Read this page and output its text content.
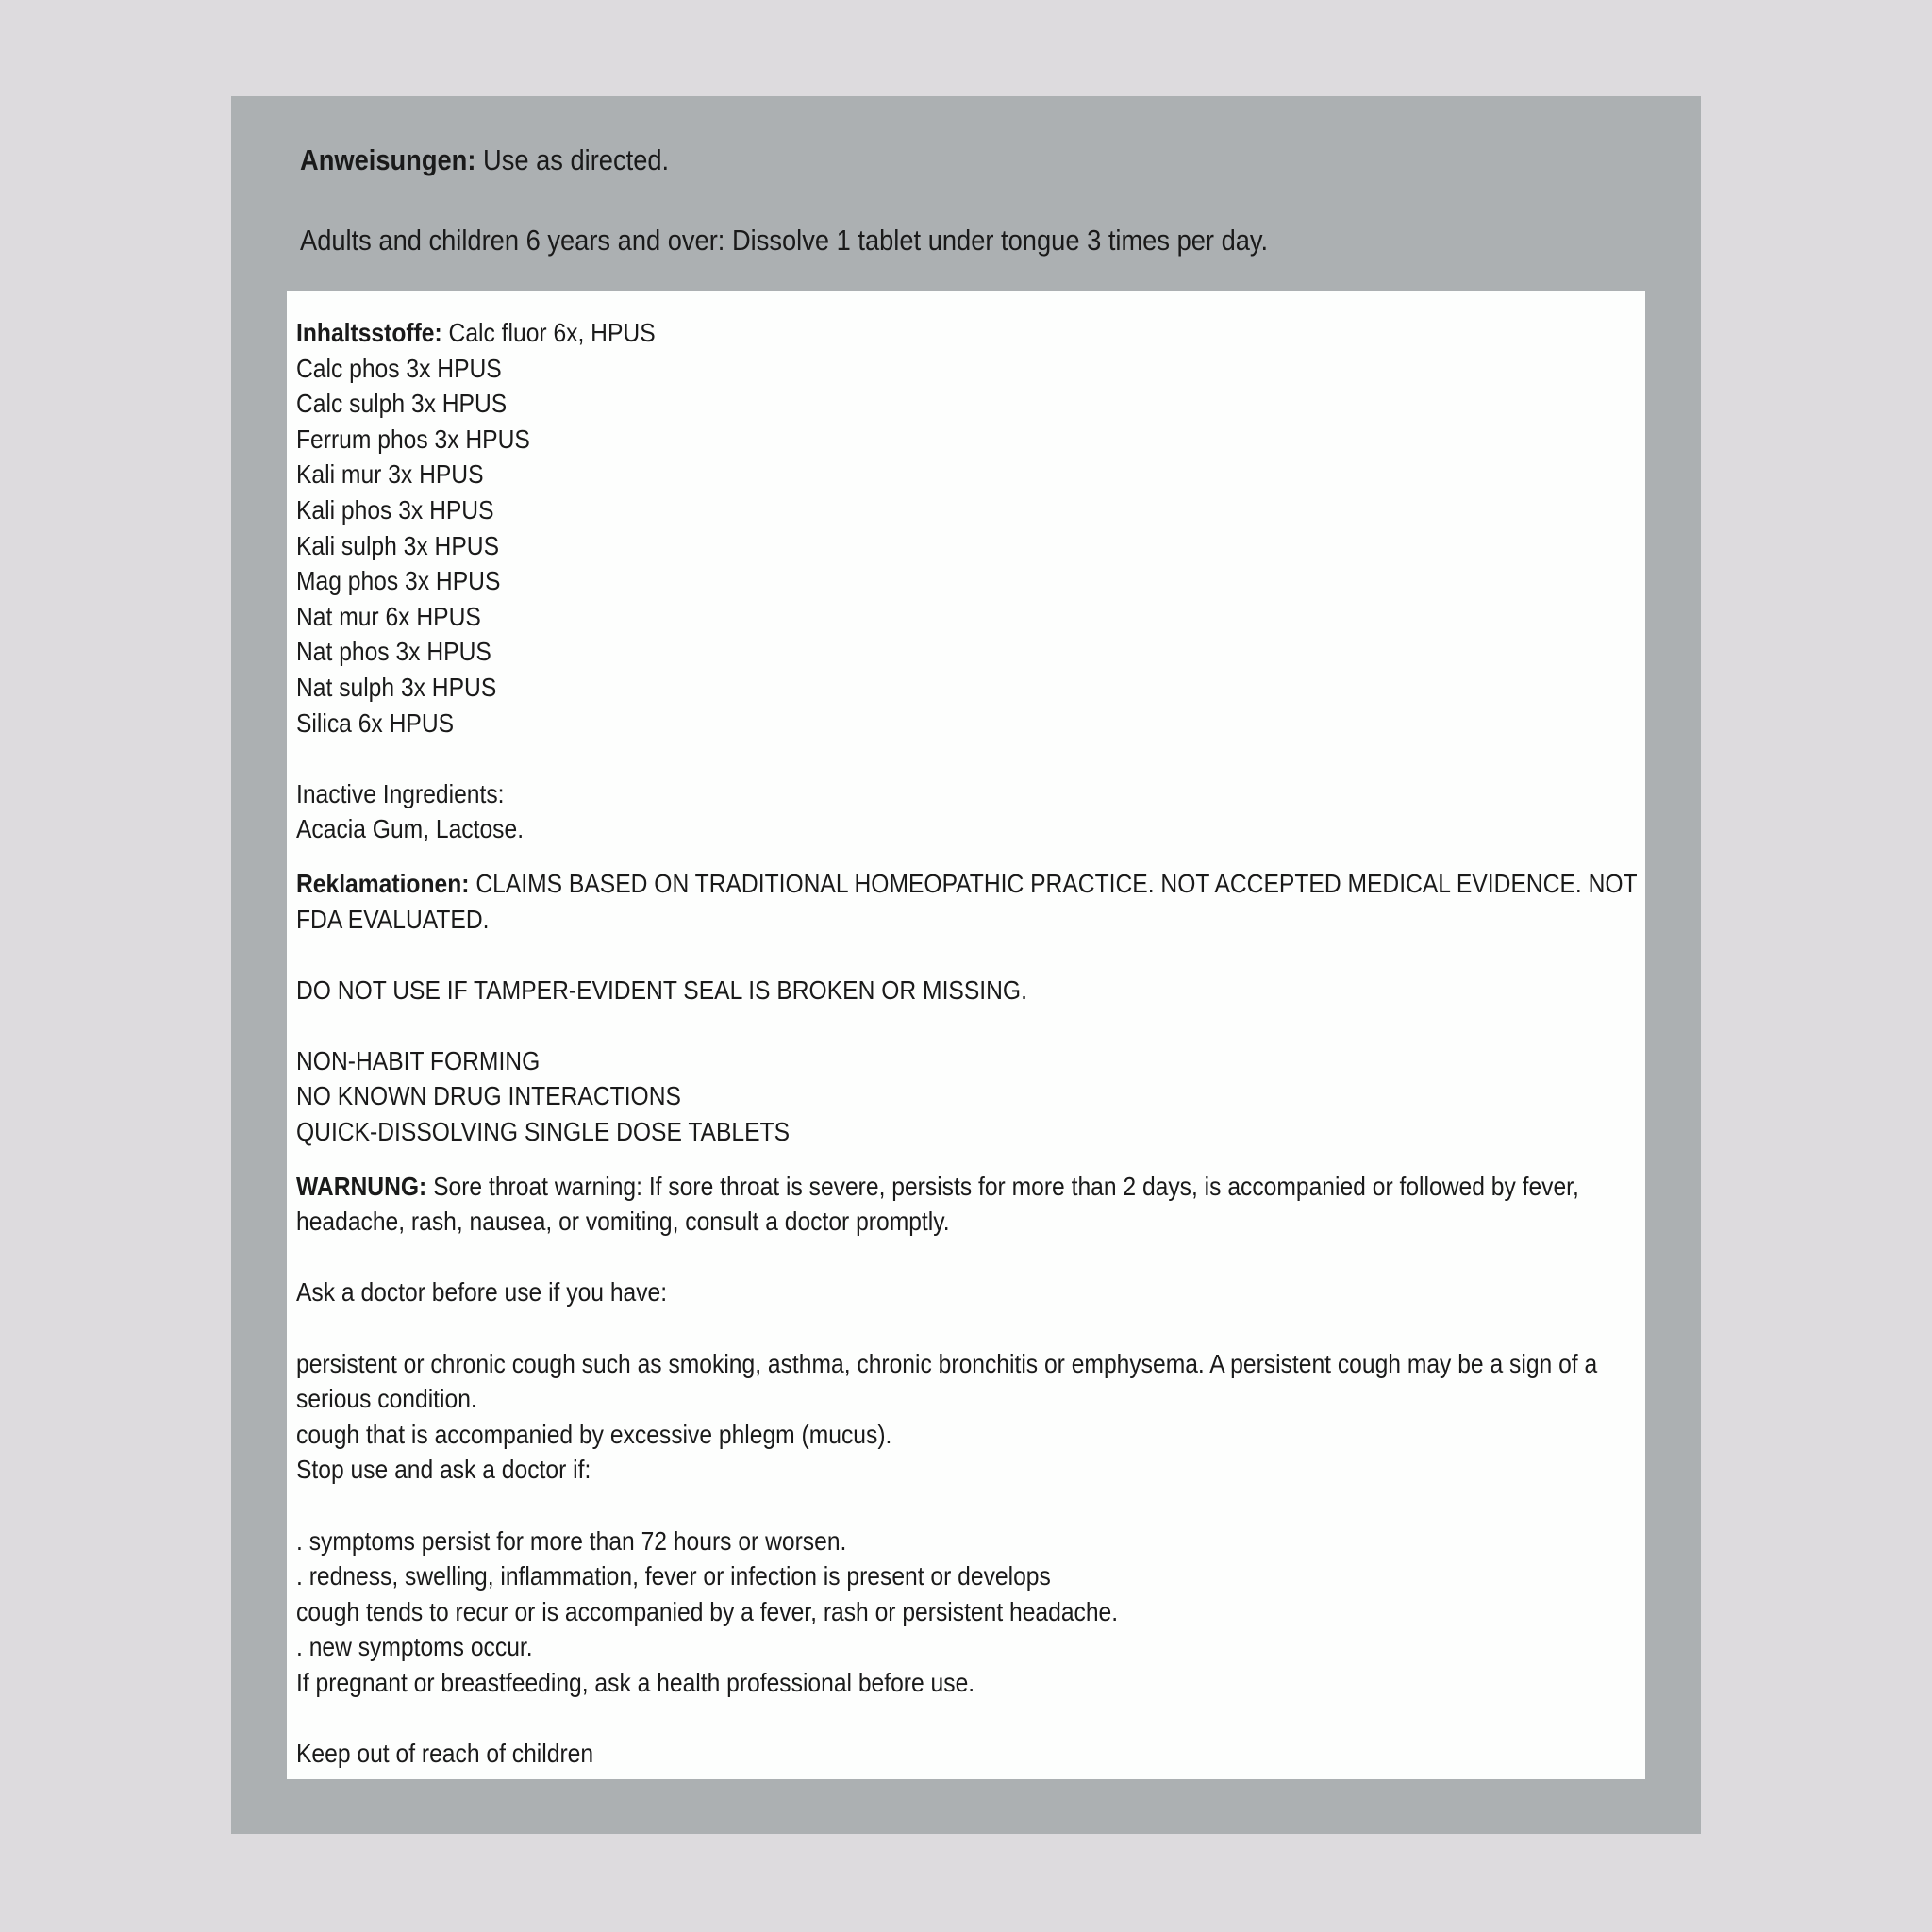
Anweisungen: Use as directed.

Adults and children 6 years and over: Dissolve 1 tablet under tongue 3 times per day.

Inhaltsstoffe: Calc fluor 6x, HPUS

Calc phos 3x HPUS

Calc sulph 3x HPUS

Ferrum phos 3x HPUS

Kali mur 3x HPUS

Kali phos 3x HPUS

Kali sulph 3x HPUS

Mag phos 3x HPUS

Nat mur 6x HPUS

Nat phos 3x HPUS

Nat sulph 3x HPUS

Silica 6x HPUS

Inactive Ingredients:

Acacia Gum, Lactose.

Reklamationen: CLAIMS BASED ON TRADITIONAL HOMEOPATHIC PRACTICE. NOT ACCEPTED MEDICAL EVIDENCE. NOT FDA EVALUATED.

DO NOT USE IF TAMPER-EVIDENT SEAL IS BROKEN OR MISSING.

NON-HABIT FORMING

NO KNOWN DRUG INTERACTIONS

QUICK-DISSOLVING SINGLE DOSE TABLETS

WARNUNG: Sore throat warning: If sore throat is severe, persists for more than 2 days, is accompanied or followed by fever, headache, rash, nausea, or vomiting, consult a doctor promptly.

Ask a doctor before use if you have:

persistent or chronic cough such as smoking, asthma, chronic bronchitis or emphysema. A persistent cough may be a sign of a serious condition.

cough that is accompanied by excessive phlegm (mucus).

Stop use and ask a doctor if:

. symptoms persist for more than 72 hours or worsen.

. redness, swelling, inflammation, fever or infection is present or develops

cough tends to recur or is accompanied by a fever, rash or persistent headache.

. new symptoms occur.

If pregnant or breastfeeding, ask a health professional before use.

Keep out of reach of children
